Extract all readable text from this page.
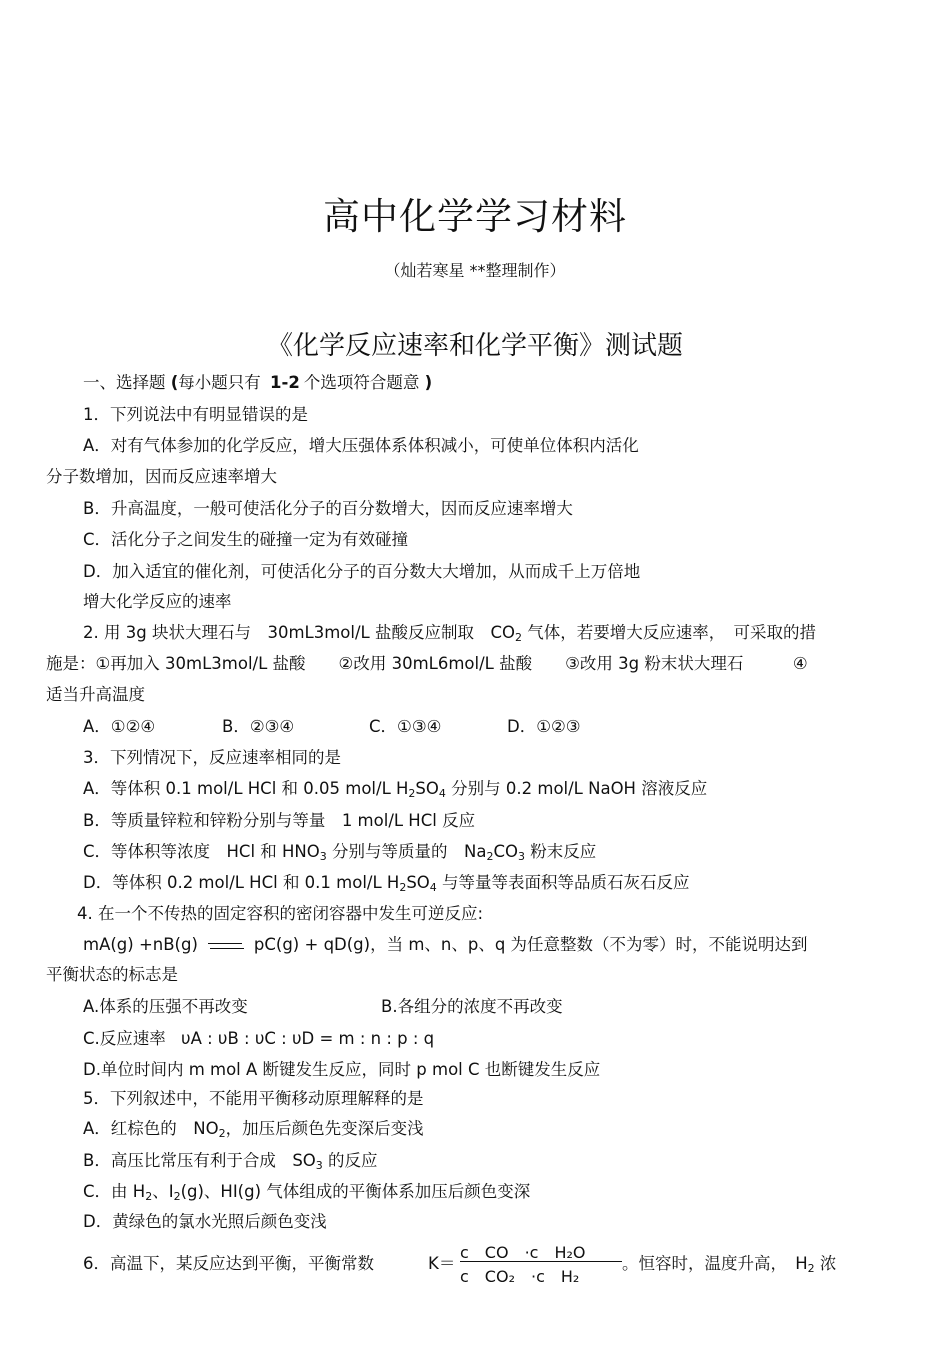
高中化学学习材料
（灿若寒星 **整理制作）
《化学反应速率和化学平衡》测试题
一、选择题 (每小题只有 1-2 个选项符合题意 )
1．下列说法中有明显错误的是
A．对有气体参加的化学反应，增大压强体系体积减小，可使单位体积内活化
分子数增加，因而反应速率增大
B．升高温度，一般可使活化分子的百分数增大，因而反应速率增大
C．活化分子之间发生的碰撞一定为有效碰撞
D．加入适宜的催化剂，可使活化分子的百分数大大增加，从而成千上万倍地
增大化学反应的速率
2. 用 3g 块状大理石与　30mL3mol/L 盐酸反应制取　$CO_2$ 气体，若要增大反应速率，　可采取的措
施是：①再加入 30mL3mol/L 盐酸　　②改用 30mL6mol/L 盐酸　　③改用 3g 粉末状大理石　　　④
适当升高温度
A．①②④	B．②③④	C．①③④	D．①②③
3．下列情况下，反应速率相同的是
A．等体积 0.1 mol/L HCl 和 0.05 mol/L $H_2SO_4$ 分别与 0.2 mol/L NaOH 溶液反应
B．等质量锌粒和锌粉分别与等量　1 mol/L HCl 反应
C．等体积等浓度　HCl 和 $HNO_3$ 分别与等质量的　$Na_2CO_3$ 粉末反应
D．等体积 0.2 mol/L HCl 和 0.1 mol/L $H_2SO_4$ 与等量等表面积等品质石灰石反应
4. 在一个不传热的固定容积的密闭容器中发生可逆反应:
mA(g) +nB(g)	pC(g) + qD(g)，当 m、n、p、q 为任意整数（不为零）时，不能说明达到
平衡状态的标志是
A.体系的压强不再改变	B.各组分的浓度不再改变
C.反应速率 υA : υB : υC : υD = m : n : p : q
D.单位时间内 m mol A 断键发生反应，同时 p mol C 也断键发生反应
5．下列叙述中，不能用平衡移动原理解释的是
A．红棕色的　$NO_2$，加压后颜色先变深后变浅
B．高压比常压有利于合成　$SO_3$ 的反应
C．由 $H_2$、$I_2(g)$、HI(g) 气体组成的平衡体系加压后颜色变深
D．黄绿色的氯水光照后颜色变浅
6．高温下，某反应达到平衡，平衡常数	K＝
c　CO　·c　H₂O
c　CO₂　·c　H₂
。恒容时，温度升高，　$H_2$ 浓
